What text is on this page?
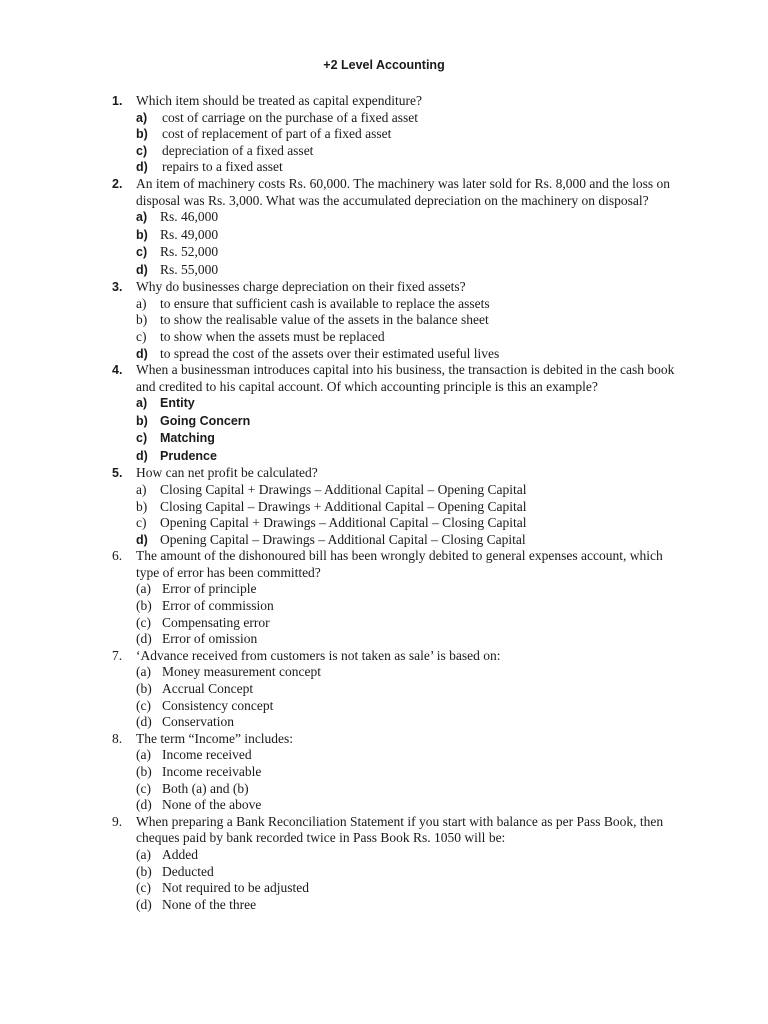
+2 Level Accounting
1.	Which item should be treated as capital expenditure?
a) cost of carriage on the purchase of a fixed asset
b) cost of replacement of part of a fixed asset
c) depreciation of a fixed asset
d) repairs to a fixed asset
2.	An item of machinery costs Rs. 60,000. The machinery was later sold for Rs. 8,000 and the loss on disposal was Rs. 3,000. What was the accumulated depreciation on the machinery on disposal?
a) Rs. 46,000
b) Rs. 49,000
c) Rs. 52,000
d) Rs. 55,000
3.	Why do businesses charge depreciation on their fixed assets?
a) to ensure that sufficient cash is available to replace the assets
b) to show the realisable value of the assets in the balance sheet
c) to show when the assets must be replaced
d) to spread the cost of the assets over their estimated useful lives
4.	When a businessman introduces capital into his business, the transaction is debited in the cash book and credited to his capital account. Of which accounting principle is this an example?
a) Entity
b) Going Concern
c) Matching
d) Prudence
5.	How can net profit be calculated?
a) Closing Capital + Drawings – Additional Capital – Opening Capital
b) Closing Capital – Drawings + Additional Capital – Opening Capital
c) Opening Capital + Drawings – Additional Capital – Closing Capital
d) Opening Capital – Drawings – Additional Capital – Closing Capital
6.	The amount of the dishonoured bill has been wrongly debited to general expenses account, which type of error has been committed?
(a) Error of principle
(b) Error of commission
(c) Compensating error
(d) Error of omission
7.	‘Advance received from customers is not taken as sale’ is based on:
(a) Money measurement concept
(b) Accrual Concept
(c) Consistency concept
(d) Conservation
8.	The term “Income” includes:
(a) Income received
(b) Income receivable
(c) Both (a) and (b)
(d) None of the above
9.	When preparing a Bank Reconciliation Statement if you start with balance as per Pass Book, then cheques paid by bank recorded twice in Pass Book Rs. 1050 will be:
(a) Added
(b) Deducted
(c) Not required to be adjusted
(d) None of the three
